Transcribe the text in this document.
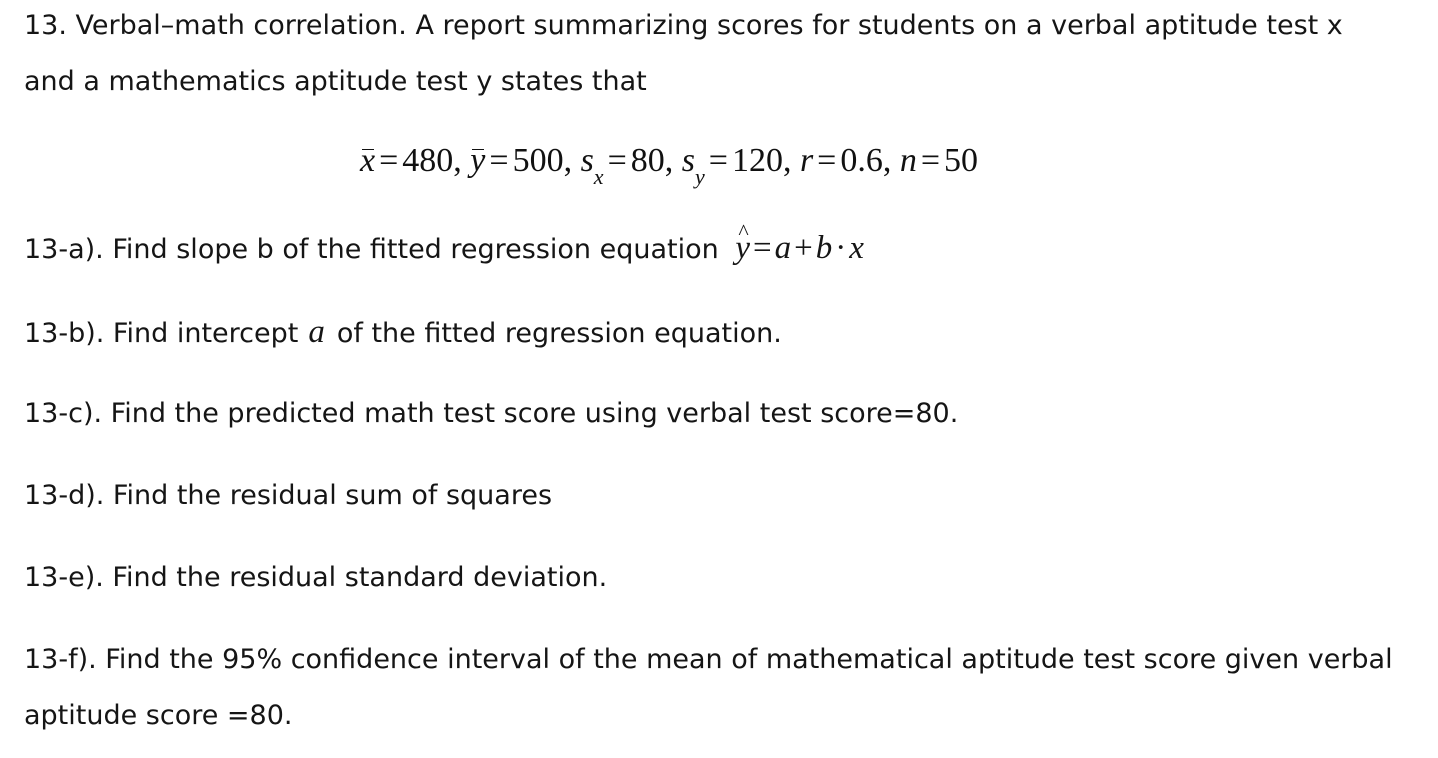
13. Verbal–math correlation. A report summarizing scores for students on a verbal aptitude test x
and a mathematics aptitude test y states that
x = 480, y = 500, $s_x = 80$, $s_y = 120$, r = 0.6, n = 50
13-a). Find slope b of the fitted regression equation ^ y=a+b·x
13-b). Find intercept a of the fitted regression equation.
13-c). Find the predicted math test score using verbal test score=80.
13-d). Find the residual sum of squares
13-e). Find the residual standard deviation.
13-f). Find the 95% confidence interval of the mean of mathematical aptitude test score given verbal
aptitude score =80.
